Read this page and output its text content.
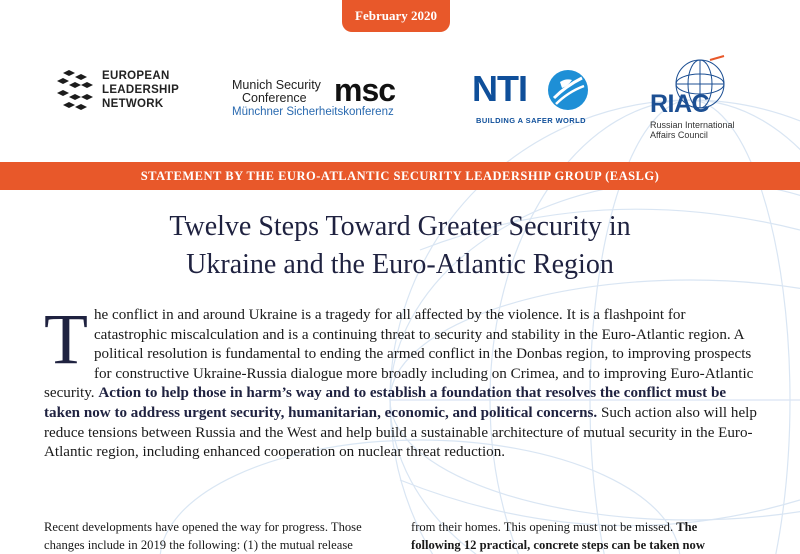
February 2020
EUROPEAN
LEADERSHIP
NETWORK
Munich Security
Conference msc
Münchner Sicherheitskonferenz
NTI
BUILDING A SAFER WORLD
RIAC
Russian International
Affairs Council
STATEMENT BY THE EURO-ATLANTIC SECURITY LEADERSHIP GROUP (EASLG)
Twelve Steps Toward Greater Security in
Ukraine and the Euro-Atlantic Region

The conflict in and around Ukraine is a tragedy for all affected by the violence. It is a flashpoint for catastrophic miscalculation and is a continuing threat to security and stability in the Euro-Atlantic region. A political resolution is fundamental to ending the armed conflict in the Donbas region, to improving prospects for constructive Ukraine-Russia dialogue more broadly including on Crimea, and to improving Euro-Atlantic security. Action to help those in harm’s way and to establish a foundation that resolves the conflict must be taken now to address urgent security, humanitarian, economic, and political concerns. Such action also will help reduce tensions between Russia and the West and help build a sustainable architecture of mutual security in the Euro-Atlantic region, including enhanced cooperation on nuclear threat reduction.

Recent developments have opened the way for progress. Those
changes include in 2019 the following: (1) the mutual release

from their homes. This opening must not be missed. The
following 12 practical, concrete steps can be taken now
